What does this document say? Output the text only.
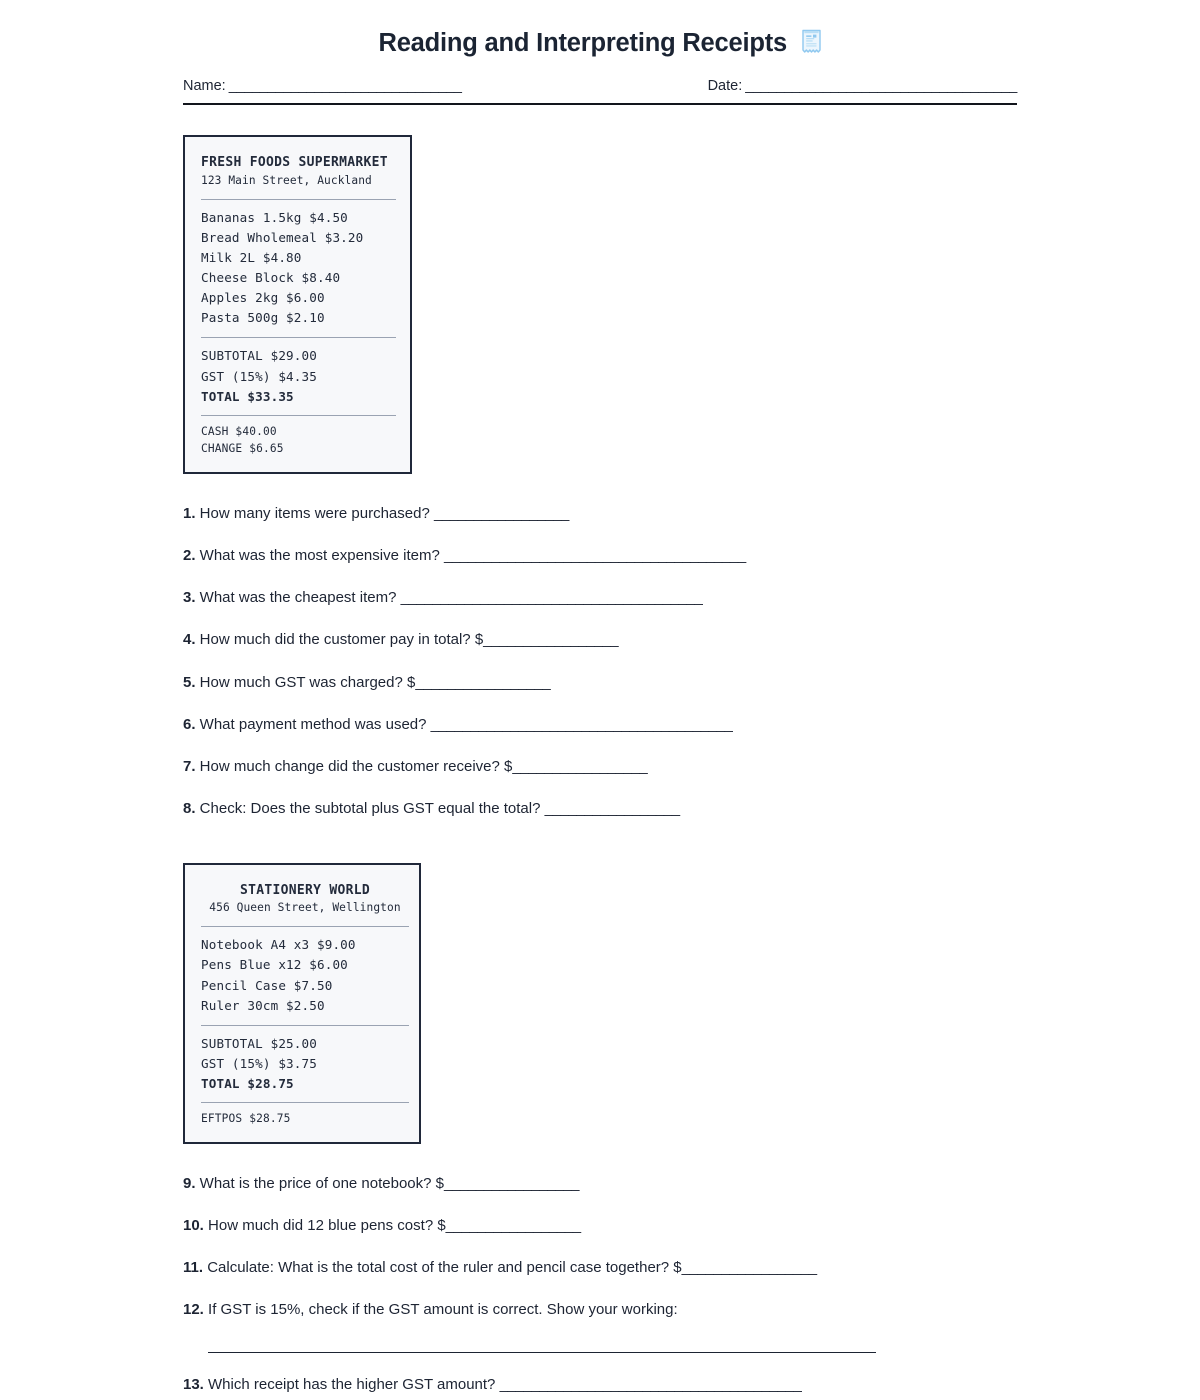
Reading and Interpreting Receipts
Name: ______________________________	Date: ___________________________________
FRESH FOODS SUPERMARKET
123 Main Street, Auckland
Bananas 1.5kg $4.50
Bread Wholemeal $3.20
Milk 2L $4.80
Cheese Block $8.40
Apples 2kg $6.00
Pasta 500g $2.10
SUBTOTAL $29.00
GST (15%) $4.35
TOTAL $33.35
CASH $40.00
CHANGE $6.65
1. How many items were purchased? _________________
2. What was the most expensive item? ______________________________________
3. What was the cheapest item? ______________________________________
4. How much did the customer pay in total? $_________________
5. How much GST was charged? $_________________
6. What payment method was used? ______________________________________
7. How much change did the customer receive? $_________________
8. Check: Does the subtotal plus GST equal the total? _________________
STATIONERY WORLD
456 Queen Street, Wellington
Notebook A4 x3 $9.00
Pens Blue x12 $6.00
Pencil Case $7.50
Ruler 30cm $2.50
SUBTOTAL $25.00
GST (15%) $3.75
TOTAL $28.75
EFTPOS $28.75
9. What is the price of one notebook? $_________________
10. How much did 12 blue pens cost? $_________________
11. Calculate: What is the total cost of the ruler and pencil case together? $_________________
12. If GST is 15%, check if the GST amount is correct. Show your working:
13. Which receipt has the higher GST amount? ______________________________________
